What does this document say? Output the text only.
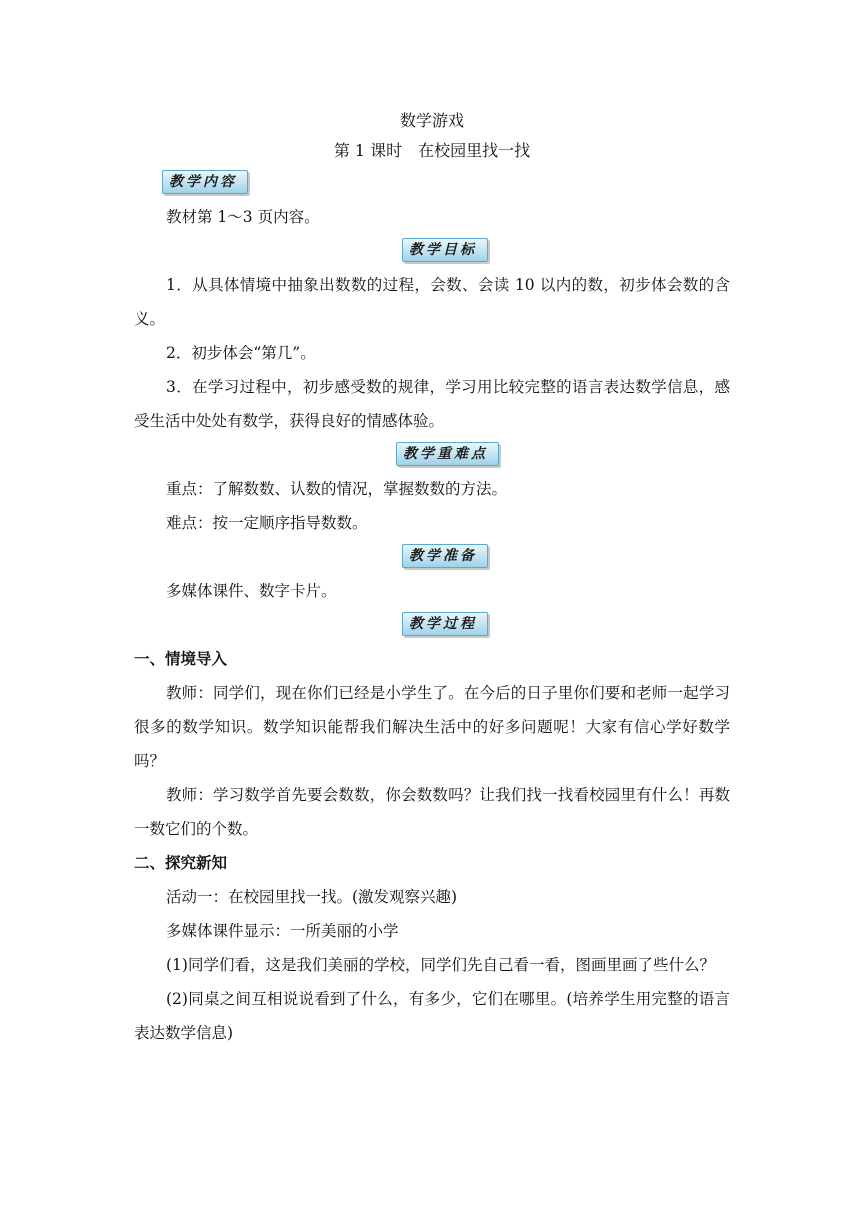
数学游戏
第 1 课时　在校园里找一找
教学内容

教材第 1～3 页内容。

教学目标

1．从具体情境中抽象出数数的过程，会数、会读 10 以内的数，初步体会数的含义。

2．初步体会“第几”。

3．在学习过程中，初步感受数的规律，学习用比较完整的语言表达数学信息，感受生活中处处有数学，获得良好的情感体验。

教学重难点

重点：了解数数、认数的情况，掌握数数的方法。

难点：按一定顺序指导数数。

教学准备

多媒体课件、数字卡片。

教学过程

一、情境导入

教师：同学们，现在你们已经是小学生了。在今后的日子里你们要和老师一起学习很多的数学知识。数学知识能帮我们解决生活中的好多问题呢！大家有信心学好数学吗？

教师：学习数学首先要会数数，你会数数吗？让我们找一找看校园里有什么！再数一数它们的个数。

二、探究新知

活动一：在校园里找一找。(激发观察兴趣)

多媒体课件显示：一所美丽的小学

(1)同学们看，这是我们美丽的学校，同学们先自己看一看，图画里画了些什么？

(2)同桌之间互相说说看到了什么，有多少，它们在哪里。(培养学生用完整的语言表达数学信息)
